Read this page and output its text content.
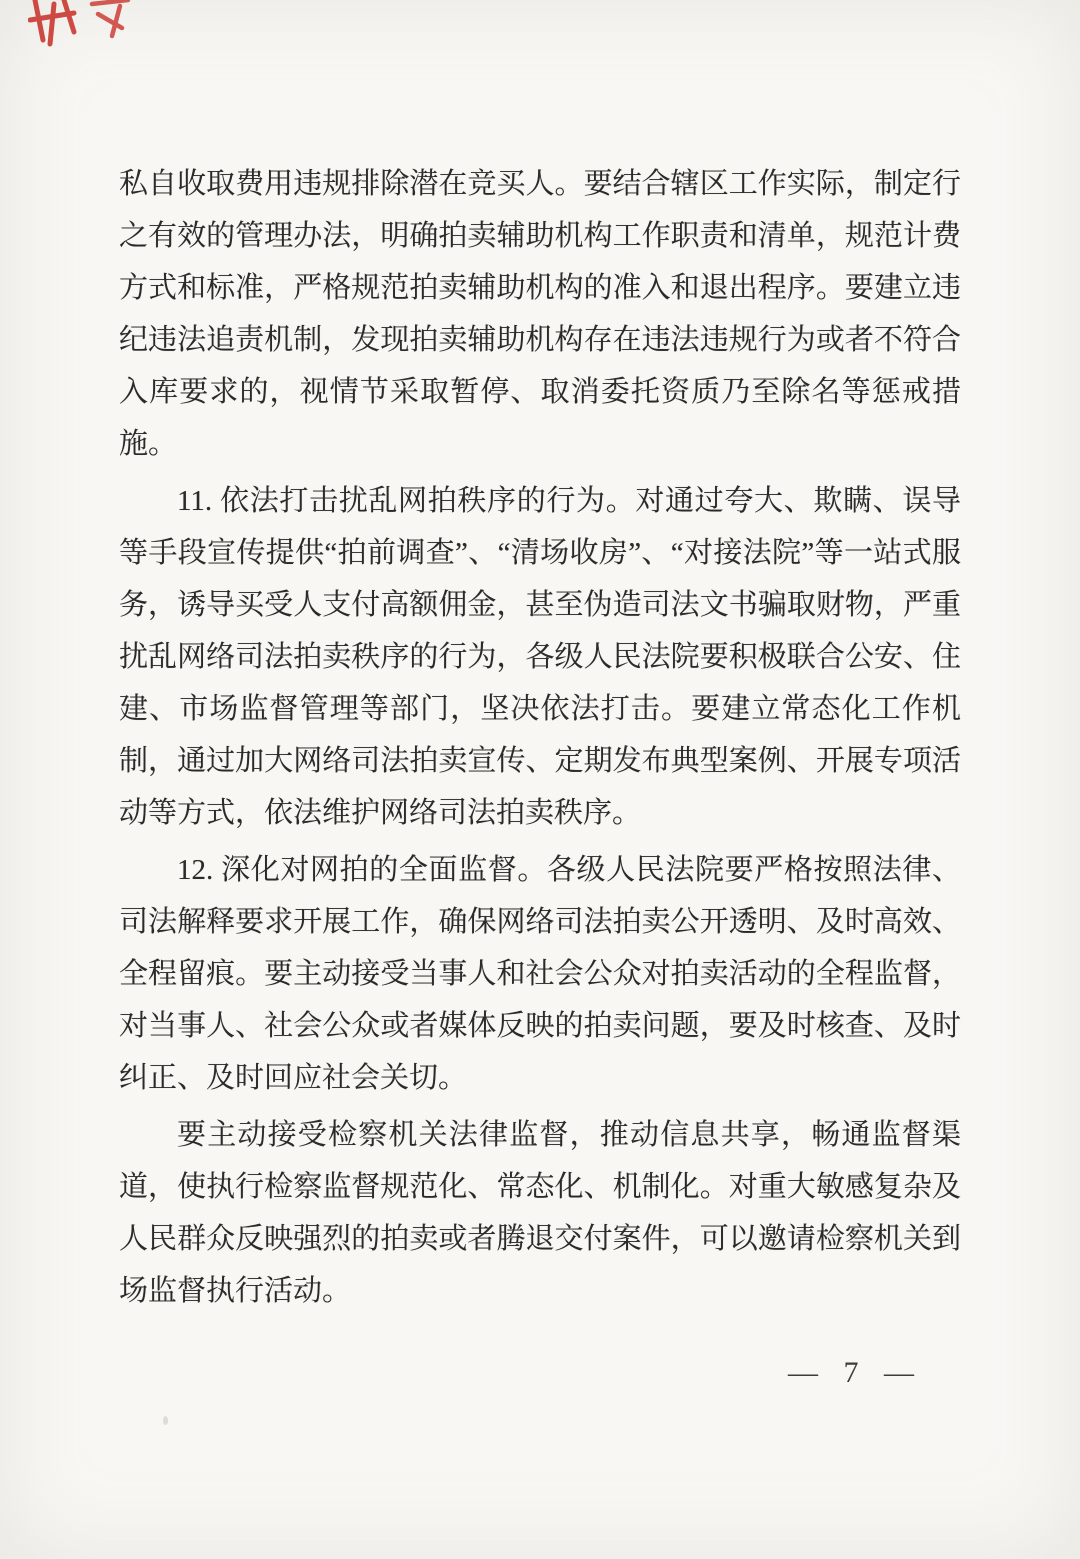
私自收取费用违规排除潜在竞买人。要结合辖区工作实际，制定行之有效的管理办法，明确拍卖辅助机构工作职责和清单，规范计费方式和标准，严格规范拍卖辅助机构的准入和退出程序。要建立违纪违法追责机制，发现拍卖辅助机构存在违法违规行为或者不符合入库要求的，视情节采取暂停、取消委托资质乃至除名等惩戒措施。

11. 依法打击扰乱网拍秩序的行为。对通过夸大、欺瞒、误导等手段宣传提供“拍前调查”、“清场收房”、“对接法院”等一站式服务，诱导买受人支付高额佣金，甚至伪造司法文书骗取财物，严重扰乱网络司法拍卖秩序的行为，各级人民法院要积极联合公安、住建、市场监督管理等部门，坚决依法打击。要建立常态化工作机制，通过加大网络司法拍卖宣传、定期发布典型案例、开展专项活动等方式，依法维护网络司法拍卖秩序。

12. 深化对网拍的全面监督。各级人民法院要严格按照法律、司法解释要求开展工作，确保网络司法拍卖公开透明、及时高效、全程留痕。要主动接受当事人和社会公众对拍卖活动的全程监督，对当事人、社会公众或者媒体反映的拍卖问题，要及时核查、及时纠正、及时回应社会关切。

要主动接受检察机关法律监督，推动信息共享，畅通监督渠道，使执行检察监督规范化、常态化、机制化。对重大敏感复杂及人民群众反映强烈的拍卖或者腾退交付案件，可以邀请检察机关到场监督执行活动。

— 7 —
